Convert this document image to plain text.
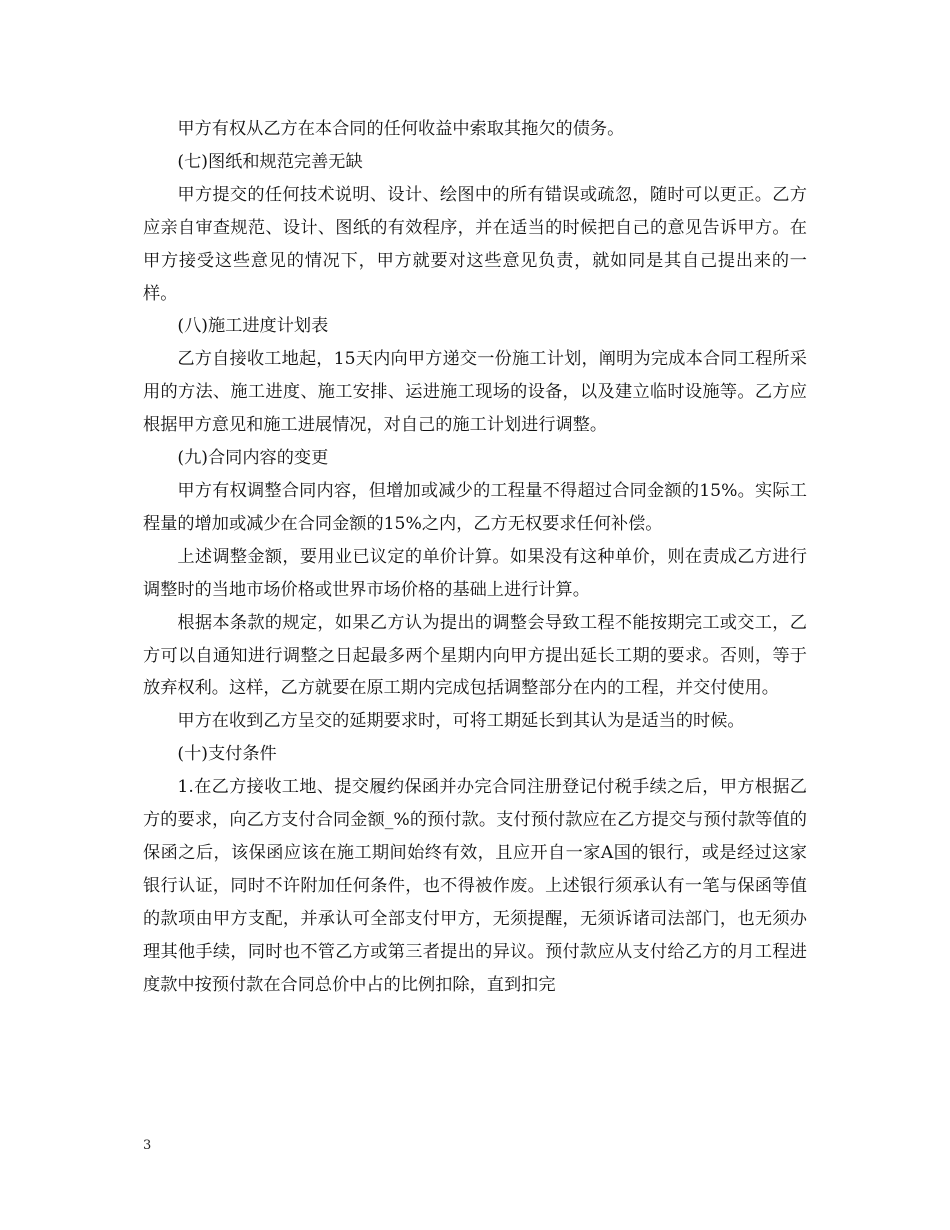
甲方有权从乙方在本合同的任何收益中索取其拖欠的债务。

(七)图纸和规范完善无缺

甲方提交的任何技术说明、设计、绘图中的所有错误或疏忽，随时可以更正。乙方应亲自审查规范、设计、图纸的有效程序，并在适当的时候把自己的意见告诉甲方。在甲方接受这些意见的情况下，甲方就要对这些意见负责，就如同是其自己提出来的一样。

(八)施工进度计划表

乙方自接收工地起，15天内向甲方递交一份施工计划，阐明为完成本合同工程所采用的方法、施工进度、施工安排、运进施工现场的设备，以及建立临时设施等。乙方应根据甲方意见和施工进展情况，对自己的施工计划进行调整。

(九)合同内容的变更

甲方有权调整合同内容，但增加或减少的工程量不得超过合同金额的15%。实际工程量的增加或减少在合同金额的15%之内，乙方无权要求任何补偿。

上述调整金额，要用业已议定的单价计算。如果没有这种单价，则在责成乙方进行调整时的当地市场价格或世界市场价格的基础上进行计算。

根据本条款的规定，如果乙方认为提出的调整会导致工程不能按期完工或交工，乙方可以自通知进行调整之日起最多两个星期内向甲方提出延长工期的要求。否则，等于放弃权利。这样，乙方就要在原工期内完成包括调整部分在内的工程，并交付使用。

甲方在收到乙方呈交的延期要求时，可将工期延长到其认为是适当的时候。

(十)支付条件

1.在乙方接收工地、提交履约保函并办完合同注册登记付税手续之后，甲方根据乙方的要求，向乙方支付合同金额_%的预付款。支付预付款应在乙方提交与预付款等值的保函之后，该保函应该在施工期间始终有效，且应开自一家A国的银行，或是经过这家银行认证，同时不许附加任何条件，也不得被作废。上述银行须承认有一笔与保函等值的款项由甲方支配，并承认可全部支付甲方，无须提醒，无须诉诸司法部门，也无须办理其他手续，同时也不管乙方或第三者提出的异议。预付款应从支付给乙方的月工程进度款中按预付款在合同总价中占的比例扣除，直到扣完

3
